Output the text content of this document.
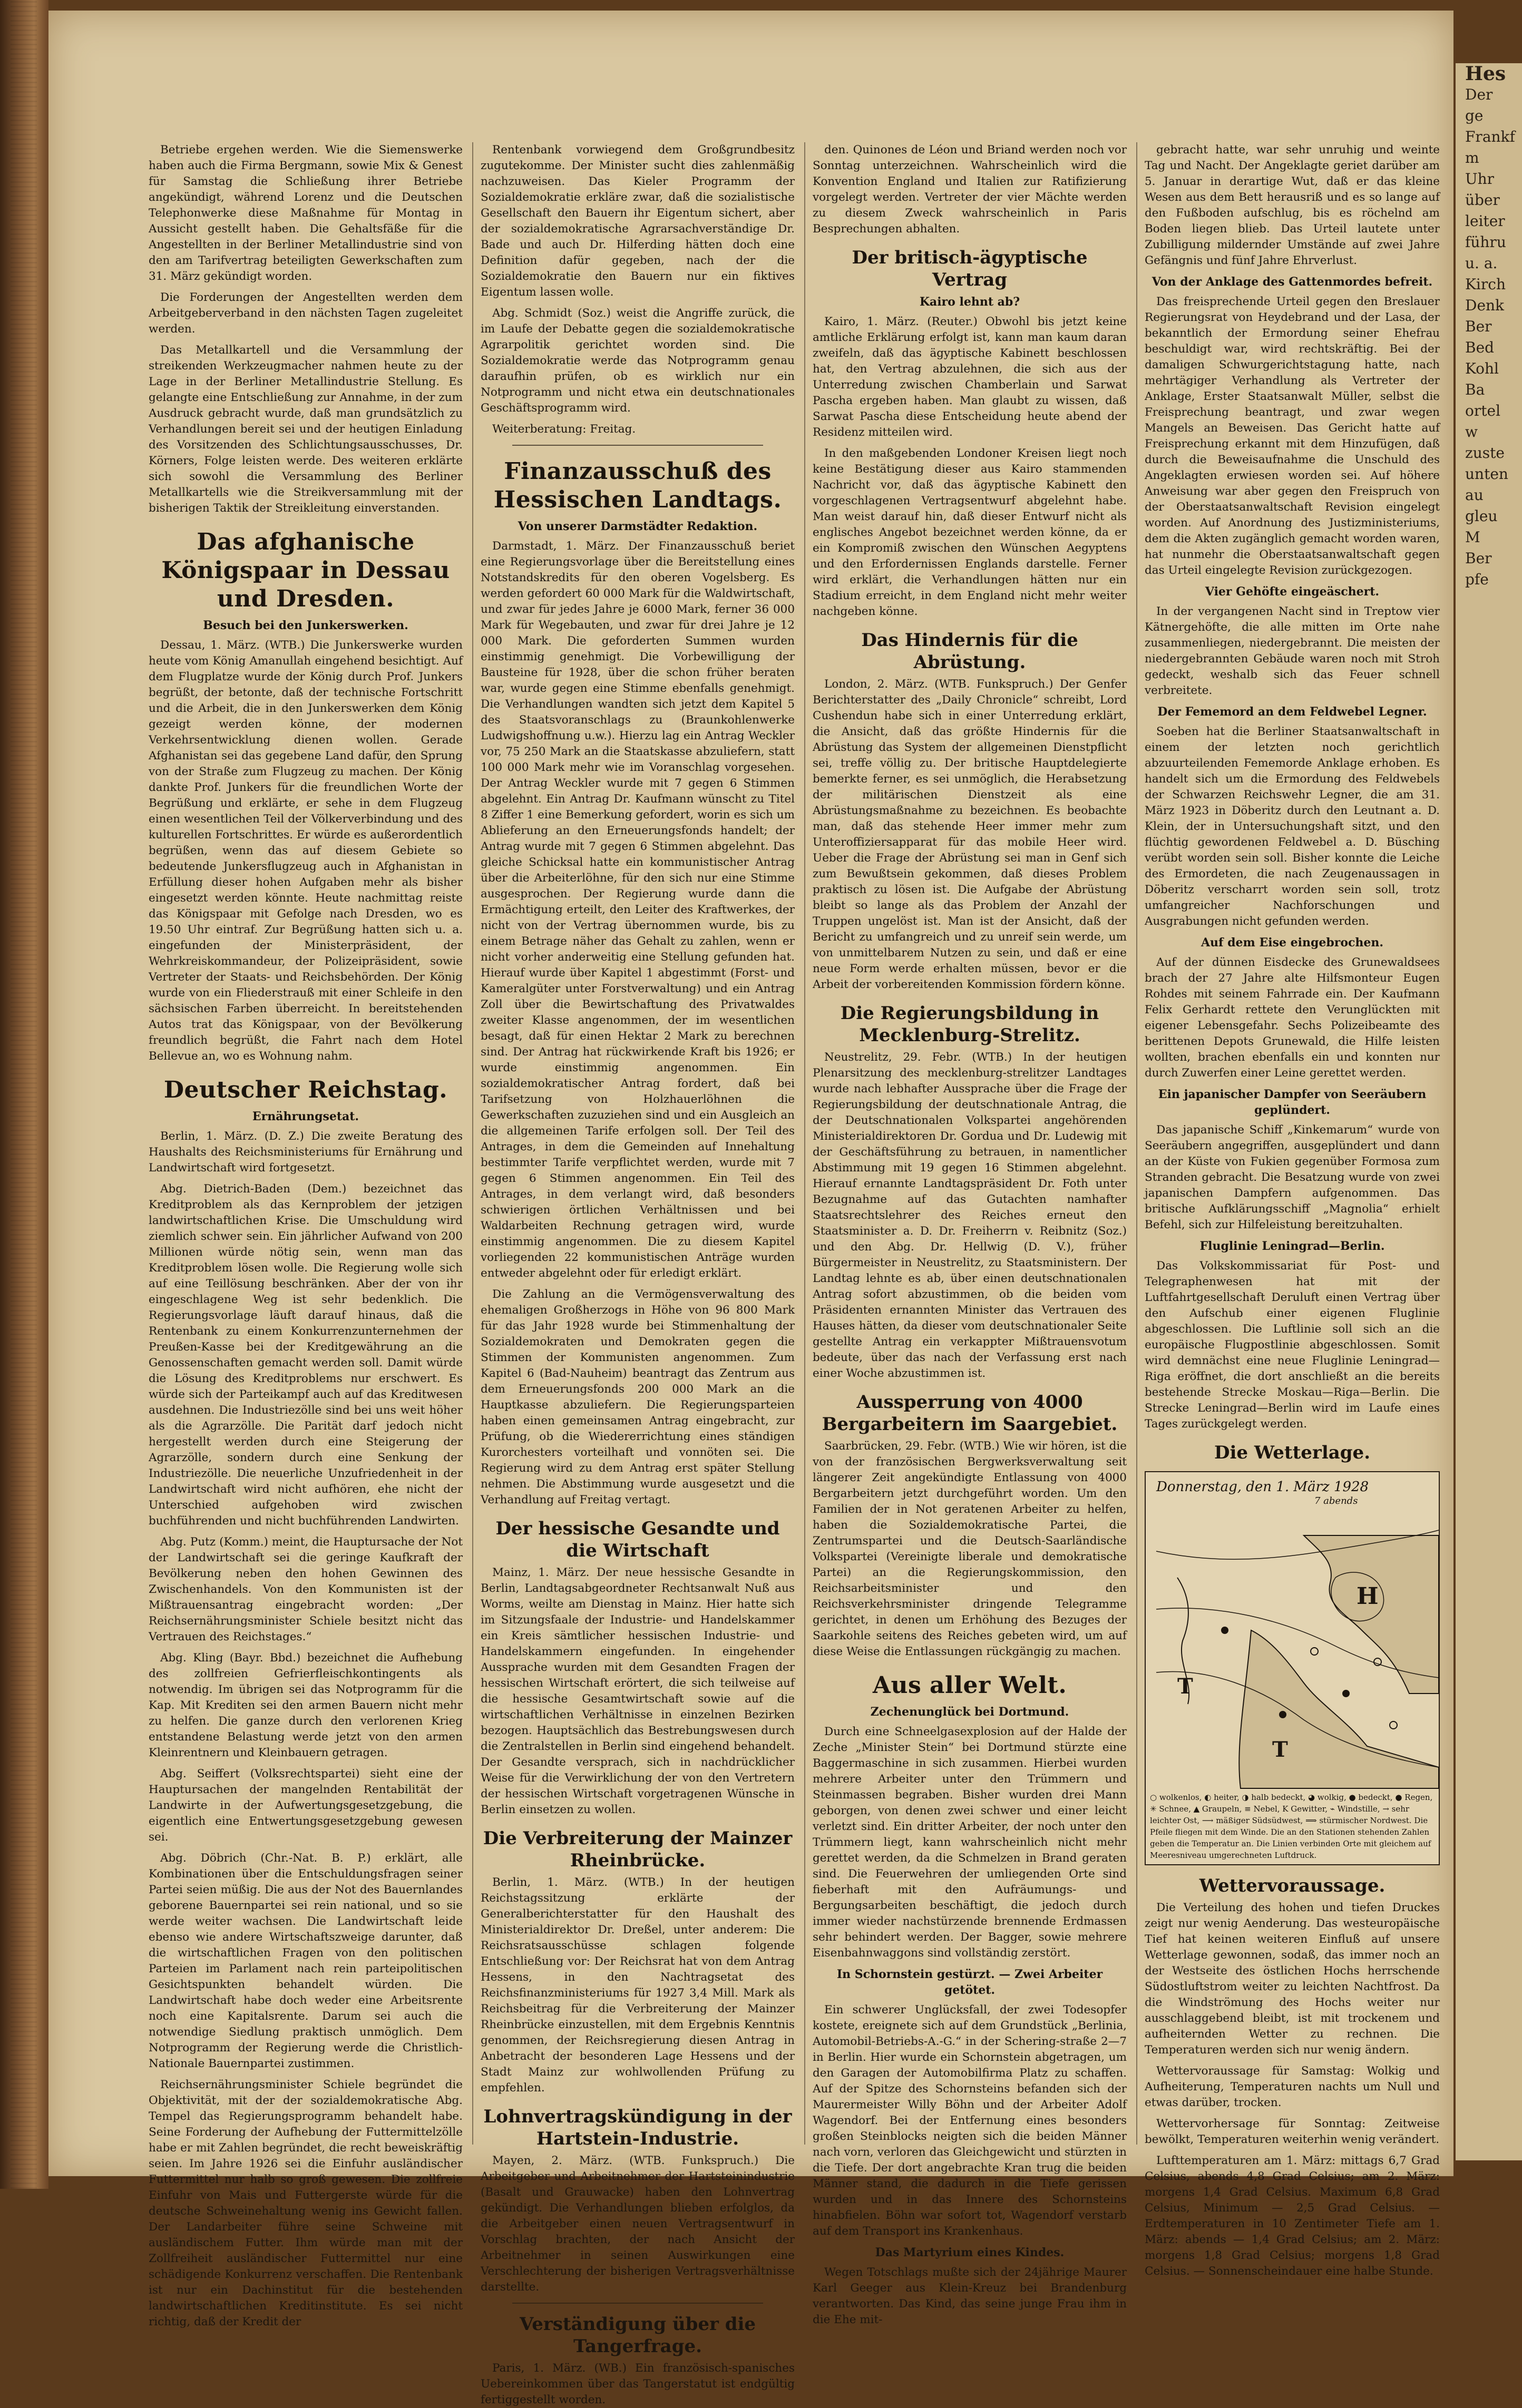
Betriebe ergehen werden. Wie die Siemenswerke haben auch die Firma Bergmann, sowie Mix & Genest für Samstag die Schließung ihrer Betriebe angekündigt, während Lorenz und die Deutschen Telephonwerke diese Maßnahme für Montag in Aussicht gestellt haben. Die Gehaltsfäße für die Angestellten in der Berliner Metallindustrie sind von den am Tarifvertrag beteiligten Gewerkschaften zum 31. März gekündigt worden.

Die Forderungen der Angestellten werden dem Arbeitgeberverband in den nächsten Tagen zugeleitet werden.

Das Metallkartell und die Versammlung der streikenden Werkzeugmacher nahmen heute zu der Lage in der Berliner Metallindustrie Stellung. Es gelangte eine Entschließung zur Annahme, in der zum Ausdruck gebracht wurde, daß man grundsätzlich zu Verhandlungen bereit sei und der heutigen Einladung des Vorsitzenden des Schlichtungsausschusses, Dr. Körners, Folge leisten werde. Des weiteren erklärte sich sowohl die Versammlung des Berliner Metallkartells wie die Streikversammlung mit der bisherigen Taktik der Streikleitung einverstanden.

Das afghanische Königspaar in Dessau und Dresden.
Besuch bei den Junkerswerken.

Dessau, 1. März. (WTB.) Die Junkerswerke wurden heute vom König Amanullah eingehend besichtigt. Auf dem Flugplatze wurde der König durch Prof. Junkers begrüßt, der betonte, daß der technische Fortschritt und die Arbeit, die in den Junkerswerken dem König gezeigt werden könne, der modernen Verkehrsentwicklung dienen wollen. Gerade Afghanistan sei das gegebene Land dafür, den Sprung von der Straße zum Flugzeug zu machen. Der König dankte Prof. Junkers für die freundlichen Worte der Begrüßung und erklärte, er sehe in dem Flugzeug einen wesentlichen Teil der Völkerverbindung und des kulturellen Fortschrittes. Er würde es außerordentlich begrüßen, wenn das auf diesem Gebiete so bedeutende Junkersflugzeug auch in Afghanistan in Erfüllung dieser hohen Aufgaben mehr als bisher eingesetzt werden könnte. Heute nachmittag reiste das Königspaar mit Gefolge nach Dresden, wo es 19.50 Uhr eintraf. Zur Begrüßung hatten sich u. a. eingefunden der Ministerpräsident, der Wehrkreiskommandeur, der Polizeipräsident, sowie Vertreter der Staats- und Reichsbehörden. Der König wurde von ein Fliederstrauß mit einer Schleife in den sächsischen Farben überreicht. In bereitstehenden Autos trat das Königspaar, von der Bevölkerung freundlich begrüßt, die Fahrt nach dem Hotel Bellevue an, wo es Wohnung nahm.

Deutscher Reichstag.
Ernährungsetat.

Berlin, 1. März. (D. Z.) Die zweite Beratung des Haushalts des Reichsministeriums für Ernährung und Landwirtschaft wird fortgesetzt.

Abg. Dietrich-Baden (Dem.) bezeichnet das Kreditproblem als das Kernproblem der jetzigen landwirtschaftlichen Krise. Die Umschuldung wird ziemlich schwer sein. Ein jährlicher Aufwand von 200 Millionen würde nötig sein, wenn man das Kreditproblem lösen wolle. Die Regierung wolle sich auf eine Teillösung beschränken. Aber der von ihr eingeschlagene Weg ist sehr bedenklich. Die Regierungsvorlage läuft darauf hinaus, daß die Rentenbank zu einem Konkurrenzunternehmen der Preußen-Kasse bei der Kreditgewährung an die Genossenschaften gemacht werden soll. Damit würde die Lösung des Kreditproblems nur erschwert. Es würde sich der Parteikampf auch auf das Kreditwesen ausdehnen. Die Industriezölle sind bei uns weit höher als die Agrarzölle. Die Parität darf jedoch nicht hergestellt werden durch eine Steigerung der Agrarzölle, sondern durch eine Senkung der Industriezölle. Die neuerliche Unzufriedenheit in der Landwirtschaft wird nicht aufhören, ehe nicht der Unterschied aufgehoben wird zwischen buchführenden und nicht buchführenden Landwirten.

Abg. Putz (Komm.) meint, die Hauptursache der Not der Landwirtschaft sei die geringe Kaufkraft der Bevölkerung neben den hohen Gewinnen des Zwischenhandels. Von den Kommunisten ist der Mißtrauensantrag eingebracht worden: „Der Reichsernährungsminister Schiele besitzt nicht das Vertrauen des Reichstages.“

Abg. Kling (Bayr. Bbd.) bezeichnet die Aufhebung des zollfreien Gefrierfleischkontingents als notwendig. Im übrigen sei das Notprogramm für die Kap. Mit Krediten sei den armen Bauern nicht mehr zu helfen. Die ganze durch den verlorenen Krieg entstandene Belastung werde jetzt von den armen Kleinrentnern und Kleinbauern getragen.

Abg. Seiffert (Volksrechtspartei) sieht eine der Hauptursachen der mangelnden Rentabilität der Landwirte in der Aufwertungsgesetzgebung, die eigentlich eine Entwertungsgesetzgebung gewesen sei.

Abg. Döbrich (Chr.-Nat. B. P.) erklärt, alle Kombinationen über die Entschuldungsfragen seiner Partei seien müßig. Die aus der Not des Bauernlandes geborene Bauernpartei sei rein national, und so sie werde weiter wachsen. Die Landwirtschaft leide ebenso wie andere Wirtschaftszweige darunter, daß die wirtschaftlichen Fragen von den politischen Parteien im Parlament nach rein parteipolitischen Gesichtspunkten behandelt würden. Die Landwirtschaft habe doch weder eine Arbeitsrente noch eine Kapitalsrente. Darum sei auch die notwendige Siedlung praktisch unmöglich. Dem Notprogramm der Regierung werde die Christlich-Nationale Bauernpartei zustimmen.

Reichsernährungsminister Schiele begründet die Objektivität, mit der der sozialdemokratische Abg. Tempel das Regierungsprogramm behandelt habe. Seine Forderung der Aufhebung der Futtermittelzölle habe er mit Zahlen begründet, die recht beweiskräftig seien. Im Jahre 1926 sei die Einfuhr ausländischer Futtermittel nur halb so groß gewesen. Die zollfreie Einfuhr von Mais und Futtergerste würde für die deutsche Schweinehaltung wenig ins Gewicht fallen. Der Landarbeiter führe seine Schweine mit ausländischem Futter. Ihm würde man mit der Zollfreiheit ausländischer Futtermittel nur eine schädigende Konkurrenz verschaffen. Die Rentenbank ist nur ein Dachinstitut für die bestehenden landwirtschaftlichen Kreditinstitute. Es sei nicht richtig, daß der Kredit der

Rentenbank vorwiegend dem Großgrundbesitz zugutekomme. Der Minister sucht dies zahlenmäßig nachzuweisen. Das Kieler Programm der Sozialdemokratie erkläre zwar, daß die sozialistische Gesellschaft den Bauern ihr Eigentum sichert, aber der sozialdemokratische Agrarsachverständige Dr. Bade und auch Dr. Hilferding hätten doch eine Definition dafür gegeben, nach der die Sozialdemokratie den Bauern nur ein fiktives Eigentum lassen wolle.

Abg. Schmidt (Soz.) weist die Angriffe zurück, die im Laufe der Debatte gegen die sozialdemokratische Agrarpolitik gerichtet worden sind. Die Sozialdemokratie werde das Notprogramm genau daraufhin prüfen, ob es wirklich nur ein Notprogramm und nicht etwa ein deutschnationales Geschäftsprogramm wird.

Weiterberatung: Freitag.

Finanzausschuß des Hessischen Landtags.
Von unserer Darmstädter Redaktion.

Darmstadt, 1. März. Der Finanzausschuß beriet eine Regierungsvorlage über die Bereitstellung eines Notstandskredits für den oberen Vogelsberg. Es werden gefordert 60 000 Mark für die Waldwirtschaft, und zwar für jedes Jahre je 6000 Mark, ferner 36 000 Mark für Wegebauten, und zwar für drei Jahre je 12 000 Mark. Die geforderten Summen wurden einstimmig genehmigt. Die Vorbewilligung der Bausteine für 1928, über die schon früher beraten war, wurde gegen eine Stimme ebenfalls genehmigt. Die Verhandlungen wandten sich jetzt dem Kapitel 5 des Staatsvoranschlags zu (Braunkohlenwerke Ludwigshoffnung u.w.). Hierzu lag ein Antrag Weckler vor, 75 250 Mark an die Staatskasse abzuliefern, statt 100 000 Mark mehr wie im Voranschlag vorgesehen. Der Antrag Weckler wurde mit 7 gegen 6 Stimmen abgelehnt. Ein Antrag Dr. Kaufmann wünscht zu Titel 8 Ziffer 1 eine Bemerkung gefordert, worin es sich um Ablieferung an den Erneuerungsfonds handelt; der Antrag wurde mit 7 gegen 6 Stimmen abgelehnt. Das gleiche Schicksal hatte ein kommunistischer Antrag über die Arbeiterlöhne, für den sich nur eine Stimme ausgesprochen. Der Regierung wurde dann die Ermächtigung erteilt, den Leiter des Kraftwerkes, der nicht von der Vertrag übernommen wurde, bis zu einem Betrage näher das Gehalt zu zahlen, wenn er nicht vorher anderweitig eine Stellung gefunden hat. Hierauf wurde über Kapitel 1 abgestimmt (Forst- und Kameralgüter unter Forstverwaltung) und ein Antrag Zoll über die Bewirtschaftung des Privatwaldes zweiter Klasse angenommen, der im wesentlichen besagt, daß für einen Hektar 2 Mark zu berechnen sind. Der Antrag hat rückwirkende Kraft bis 1926; er wurde einstimmig angenommen. Ein sozialdemokratischer Antrag fordert, daß bei Tarifsetzung von Holzhauerlöhnen die Gewerkschaften zuzuziehen sind und ein Ausgleich an die allgemeinen Tarife erfolgen soll. Der Teil des Antrages, in dem die Gemeinden auf Innehaltung bestimmter Tarife verpflichtet werden, wurde mit 7 gegen 6 Stimmen angenommen. Ein Teil des Antrages, in dem verlangt wird, daß besonders schwierigen örtlichen Verhältnissen und bei Waldarbeiten Rechnung getragen wird, wurde einstimmig angenommen. Die zu diesem Kapitel vorliegenden 22 kommunistischen Anträge wurden entweder abgelehnt oder für erledigt erklärt.

Die Zahlung an die Vermögensverwaltung des ehemaligen Großherzogs in Höhe von 96 800 Mark für das Jahr 1928 wurde bei Stimmenhaltung der Sozialdemokraten und Demokraten gegen die Stimmen der Kommunisten angenommen. Zum Kapitel 6 (Bad-Nauheim) beantragt das Zentrum aus dem Erneuerungsfonds 200 000 Mark an die Hauptkasse abzuliefern. Die Regierungsparteien haben einen gemeinsamen Antrag eingebracht, zur Prüfung, ob die Wiedererrichtung eines ständigen Kurorchesters vorteilhaft und vonnöten sei. Die Regierung wird zu dem Antrag erst später Stellung nehmen. Die Abstimmung wurde ausgesetzt und die Verhandlung auf Freitag vertagt.

Der hessische Gesandte und die Wirtschaft

Mainz, 1. März. Der neue hessische Gesandte in Berlin, Landtagsabgeordneter Rechtsanwalt Nuß aus Worms, weilte am Dienstag in Mainz. Hier hatte sich im Sitzungsfaale der Industrie- und Handelskammer ein Kreis sämtlicher hessischen Industrie- und Handelskammern eingefunden. In eingehender Aussprache wurden mit dem Gesandten Fragen der hessischen Wirtschaft erörtert, die sich teilweise auf die hessische Gesamtwirtschaft sowie auf die wirtschaftlichen Verhältnisse in einzelnen Bezirken bezogen. Hauptsächlich das Bestrebungswesen durch die Zentralstellen in Berlin sind eingehend behandelt. Der Gesandte versprach, sich in nachdrücklicher Weise für die Verwirklichung der von den Vertretern der hessischen Wirtschaft vorgetragenen Wünsche in Berlin einsetzen zu wollen.

Die Verbreiterung der Mainzer Rheinbrücke.

Berlin, 1. März. (WTB.) In der heutigen Reichstagssitzung erklärte der Generalberichterstatter für den Haushalt des Ministerialdirektor Dr. Dreßel, unter anderem: Die Reichsratsausschüsse schlagen folgende Entschließung vor: Der Reichsrat hat von dem Antrag Hessens, in den Nachtragsetat des Reichsfinanzministeriums für 1927 3,4 Mill. Mark als Reichsbeitrag für die Verbreiterung der Mainzer Rheinbrücke einzustellen, mit dem Ergebnis Kenntnis genommen, der Reichsregierung diesen Antrag in Anbetracht der besonderen Lage Hessens und der Stadt Mainz zur wohlwollenden Prüfung zu empfehlen.

Lohnvertragskündigung in der Hartstein-Industrie.

Mayen, 2. März. (WTB. Funkspruch.) Die Arbeitgeber und Arbeitnehmer der Hartsteinindustrie (Basalt und Grauwacke) haben den Lohnvertrag gekündigt. Die Verhandlungen blieben erfolglos, da die Arbeitgeber einen neuen Vertragsentwurf in Vorschlag brachten, der nach Ansicht der Arbeitnehmer in seinen Auswirkungen eine Verschlechterung der bisherigen Vertragsverhältnisse darstellte.

Verständigung über die Tangerfrage.

Paris, 1. März. (WB.) Ein französisch-spanisches Uebereinkommen über das Tangerstatut ist endgültig fertiggestellt worden.

den. Quinones de Léon und Briand werden noch vor Sonntag unterzeichnen. Wahrscheinlich wird die Konvention England und Italien zur Ratifizierung vorgelegt werden. Vertreter der vier Mächte werden zu diesem Zweck wahrscheinlich in Paris Besprechungen abhalten.

Der britisch-ägyptische Vertrag
Kairo lehnt ab?

Kairo, 1. März. (Reuter.) Obwohl bis jetzt keine amtliche Erklärung erfolgt ist, kann man kaum daran zweifeln, daß das ägyptische Kabinett beschlossen hat, den Vertrag abzulehnen, die sich aus der Unterredung zwischen Chamberlain und Sarwat Pascha ergeben haben. Man glaubt zu wissen, daß Sarwat Pascha diese Entscheidung heute abend der Residenz mitteilen wird.

In den maßgebenden Londoner Kreisen liegt noch keine Bestätigung dieser aus Kairo stammenden Nachricht vor, daß das ägyptische Kabinett den vorgeschlagenen Vertragsentwurf abgelehnt habe. Man weist darauf hin, daß dieser Entwurf nicht als englisches Angebot bezeichnet werden könne, da er ein Kompromiß zwischen den Wünschen Aegyptens und den Erfordernissen Englands darstelle. Ferner wird erklärt, die Verhandlungen hätten nur ein Stadium erreicht, in dem England nicht mehr weiter nachgeben könne.

Das Hindernis für die Abrüstung.

London, 2. März. (WTB. Funkspruch.) Der Genfer Berichterstatter des „Daily Chronicle“ schreibt, Lord Cushendun habe sich in einer Unterredung erklärt, die Ansicht, daß das größte Hindernis für die Abrüstung das System der allgemeinen Dienstpflicht sei, treffe völlig zu. Der britische Hauptdelegierte bemerkte ferner, es sei unmöglich, die Herabsetzung der militärischen Dienstzeit als eine Abrüstungsmaßnahme zu bezeichnen. Es beobachte man, daß das stehende Heer immer mehr zum Unteroffiziersapparat für das mobile Heer wird. Ueber die Frage der Abrüstung sei man in Genf sich zum Bewußtsein gekommen, daß dieses Problem praktisch zu lösen ist. Die Aufgabe der Abrüstung bleibt so lange als das Problem der Anzahl der Truppen ungelöst ist. Man ist der Ansicht, daß der Bericht zu umfangreich und zu unreif sein werde, um von unmittelbarem Nutzen zu sein, und daß er eine neue Form werde erhalten müssen, bevor er die Arbeit der vorbereitenden Kommission fördern könne.

Die Regierungsbildung in Mecklenburg-Strelitz.

Neustrelitz, 29. Febr. (WTB.) In der heutigen Plenarsitzung des mecklenburg-strelitzer Landtages wurde nach lebhafter Aussprache über die Frage der Regierungsbildung der deutschnationale Antrag, die der Deutschnationalen Volkspartei angehörenden Ministerialdirektoren Dr. Gordua und Dr. Ludewig mit der Geschäftsführung zu betrauen, in namentlicher Abstimmung mit 19 gegen 16 Stimmen abgelehnt. Hierauf ernannte Landtagspräsident Dr. Foth unter Bezugnahme auf das Gutachten namhafter Staatsrechtslehrer des Reiches erneut den Staatsminister a. D. Dr. Freiherrn v. Reibnitz (Soz.) und den Abg. Dr. Hellwig (D. V.), früher Bürgermeister in Neustrelitz, zu Staatsministern. Der Landtag lehnte es ab, über einen deutschnationalen Antrag sofort abzustimmen, ob die beiden vom Präsidenten ernannten Minister das Vertrauen des Hauses hätten, da dieser vom deutschnationaler Seite gestellte Antrag ein verkappter Mißtrauensvotum bedeute, über das nach der Verfassung erst nach einer Woche abzustimmen ist.

Aussperrung von 4000 Bergarbeitern im Saargebiet.

Saarbrücken, 29. Febr. (WTB.) Wie wir hören, ist die von der französischen Bergwerksverwaltung seit längerer Zeit angekündigte Entlassung von 4000 Bergarbeitern jetzt durchgeführt worden. Um den Familien der in Not geratenen Arbeiter zu helfen, haben die Sozialdemokratische Partei, die Zentrumspartei und die Deutsch-Saarländische Volkspartei (Vereinigte liberale und demokratische Partei) an die Regierungskommission, den Reichsarbeitsminister und den Reichsverkehrsminister dringende Telegramme gerichtet, in denen um Erhöhung des Bezuges der Saarkohle seitens des Reiches gebeten wird, um auf diese Weise die Entlassungen rückgängig zu machen.

Aus aller Welt.
Zechenunglück bei Dortmund.

Durch eine Schneelgasexplosion auf der Halde der Zeche „Minister Stein“ bei Dortmund stürzte eine Baggermaschine in sich zusammen. Hierbei wurden mehrere Arbeiter unter den Trümmern und Steinmassen begraben. Bisher wurden drei Mann geborgen, von denen zwei schwer und einer leicht verletzt sind. Ein dritter Arbeiter, der noch unter den Trümmern liegt, kann wahrscheinlich nicht mehr gerettet werden, da die Schmelzen in Brand geraten sind. Die Feuerwehren der umliegenden Orte sind fieberhaft mit den Aufräumungs- und Bergungsarbeiten beschäftigt, die jedoch durch immer wieder nachstürzende brennende Erdmassen sehr behindert werden. Der Bagger, sowie mehrere Eisenbahnwaggons sind vollständig zerstört.

In Schornstein gestürzt. — Zwei Arbeiter getötet.

Ein schwerer Unglücksfall, der zwei Todesopfer kostete, ereignete sich auf dem Grundstück „Berlinia, Automobil-Betriebs-A.-G.“ in der Schering-straße 2—7 in Berlin. Hier wurde ein Schornstein abgetragen, um den Garagen der Automobilfirma Platz zu schaffen. Auf der Spitze des Schornsteins befanden sich der Maurermeister Willy Böhn und der Arbeiter Adolf Wagendorf. Bei der Entfernung eines besonders großen Steinblocks neigten sich die beiden Männer nach vorn, verloren das Gleichgewicht und stürzten in die Tiefe. Der dort angebrachte Kran trug die beiden Männer stand, die dadurch in die Tiefe gerissen wurden und in das Innere des Schornsteins hinabfielen. Böhn war sofort tot, Wagendorf verstarb auf dem Transport ins Krankenhaus.

Das Martyrium eines Kindes.

Wegen Totschlags mußte sich der 24jährige Maurer Karl Geeger aus Klein-Kreuz bei Brandenburg verantworten. Das Kind, das seine junge Frau ihm in die Ehe mit-

gebracht hatte, war sehr unruhig und weinte Tag und Nacht. Der Angeklagte geriet darüber am 5. Januar in derartige Wut, daß er das kleine Wesen aus dem Bett herausriß und es so lange auf den Fußboden aufschlug, bis es röchelnd am Boden liegen blieb. Das Urteil lautete unter Zubilligung mildernder Umstände auf zwei Jahre Gefängnis und fünf Jahre Ehrverlust.

Von der Anklage des Gattenmordes befreit.

Das freisprechende Urteil gegen den Breslauer Regierungsrat von Heydebrand und der Lasa, der bekanntlich der Ermordung seiner Ehefrau beschuldigt war, wird rechtskräftig. Bei der damaligen Schwurgerichtstagung hatte, nach mehrtägiger Verhandlung als Vertreter der Anklage, Erster Staatsanwalt Müller, selbst die Freisprechung beantragt, und zwar wegen Mangels an Beweisen. Das Gericht hatte auf Freisprechung erkannt mit dem Hinzufügen, daß durch die Beweisaufnahme die Unschuld des Angeklagten erwiesen worden sei. Auf höhere Anweisung war aber gegen den Freispruch von der Oberstaatsanwaltschaft Revision eingelegt worden. Auf Anordnung des Justizministeriums, dem die Akten zugänglich gemacht worden waren, hat nunmehr die Oberstaatsanwaltschaft gegen das Urteil eingelegte Revision zurückgezogen.

Vier Gehöfte eingeäschert.

In der vergangenen Nacht sind in Treptow vier Kätnergehöfte, die alle mitten im Orte nahe zusammenliegen, niedergebrannt. Die meisten der niedergebrannten Gebäude waren noch mit Stroh gedeckt, weshalb sich das Feuer schnell verbreitete.

Der Fememord an dem Feldwebel Legner.

Soeben hat die Berliner Staatsanwaltschaft in einem der letzten noch gerichtlich abzuurteilenden Fememorde Anklage erhoben. Es handelt sich um die Ermordung des Feldwebels der Schwarzen Reichswehr Legner, die am 31. März 1923 in Döberitz durch den Leutnant a. D. Klein, der in Untersuchungshaft sitzt, und den flüchtig gewordenen Feldwebel a. D. Büsching verübt worden sein soll. Bisher konnte die Leiche des Ermordeten, die nach Zeugenaussagen in Döberitz verscharrt worden sein soll, trotz umfangreicher Nachforschungen und Ausgrabungen nicht gefunden werden.

Auf dem Eise eingebrochen.

Auf der dünnen Eisdecke des Grunewaldsees brach der 27 Jahre alte Hilfsmonteur Eugen Rohdes mit seinem Fahrrade ein. Der Kaufmann Felix Gerhardt rettete den Verunglückten mit eigener Lebensgefahr. Sechs Polizeibeamte des berittenen Depots Grunewald, die Hilfe leisten wollten, brachen ebenfalls ein und konnten nur durch Zuwerfen einer Leine gerettet werden.

Ein japanischer Dampfer von Seeräubern geplündert.

Das japanische Schiff „Kinkemarum“ wurde von Seeräubern angegriffen, ausgeplündert und dann an der Küste von Fukien gegenüber Formosa zum Stranden gebracht. Die Besatzung wurde von zwei japanischen Dampfern aufgenommen. Das britische Aufklärungsschiff „Magnolia“ erhielt Befehl, sich zur Hilfeleistung bereitzuhalten.

Fluglinie Leningrad—Berlin.

Das Volkskommissariat für Post- und Telegraphenwesen hat mit der Luftfahrtgesellschaft Deruluft einen Vertrag über den Aufschub einer eigenen Fluglinie abgeschlossen. Die Luftlinie soll sich an die europäische Flugpostlinie abgeschlossen. Somit wird demnächst eine neue Fluglinie Leningrad—Riga eröffnet, die dort anschließt an die bereits bestehende Strecke Moskau—Riga—Berlin. Die Strecke Leningrad—Berlin wird im Laufe eines Tages zurückgelegt werden.

Die Wetterlage.
Donnerstag, den 1. März 1928
7 abends
H
T
T
○ wolkenlos, ◐ heiter, ◑ halb bedeckt, ◕ wolkig, ● bedeckt, ● Regen, ✳ Schnee, ▲ Graupeln, ≡ Nebel, K Gewitter, ⌁ Windstille, → sehr leichter Ost, ⟶ mäßiger Südsüdwest, ⟹ stürmischer Nordwest. Die Pfeile fliegen mit dem Winde. Die an den Stationen stehenden Zahlen geben die Temperatur an. Die Linien verbinden Orte mit gleichem auf Meeresniveau umgerechneten Luftdruck.
Wettervoraussage.

Die Verteilung des hohen und tiefen Druckes zeigt nur wenig Aenderung. Das westeuropäische Tief hat keinen weiteren Einfluß auf unsere Wetterlage gewonnen, sodaß, das immer noch an der Westseite des östlichen Hochs herrschende Südostluftstrom weiter zu leichten Nachtfrost. Da die Windströmung des Hochs weiter nur ausschlaggebend bleibt, ist mit trockenem und aufheiternden Wetter zu rechnen. Die Temperaturen werden sich nur wenig ändern.

Wettervoraussage für Samstag: Wolkig und Aufheiterung, Temperaturen nachts um Null und etwas darüber, trocken.

Wettervorhersage für Sonntag: Zeitweise bewölkt, Temperaturen weiterhin wenig verändert.

Lufttemperaturen am 1. März: mittags 6,7 Grad Celsius, abends 4,8 Grad Celsius; am 2. März: morgens 1,4 Grad Celsius. Maximum 6,8 Grad Celsius, Minimum — 2,5 Grad Celsius. — Erdtemperaturen in 10 Zentimeter Tiefe am 1. März: abends — 1,4 Grad Celsius; am 2. März: morgens 1,8 Grad Celsius; morgens 1,8 Grad Celsius. — Sonnenscheindauer eine halbe Stunde.

Hes
Der
ge
Frankf
m
Uhr
über
leiter
führu
u. a.
Kirch
Denk
Ber
Bed
Kohl
Ba
ortel
w
zuste
unten
au
gleu
M
Ber
pfe
